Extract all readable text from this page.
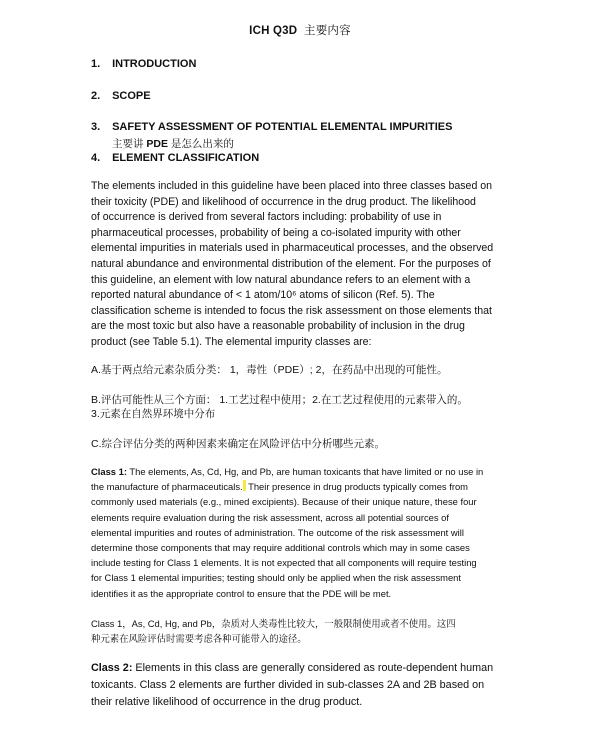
ICH Q3D 主要内容
1. INTRODUCTION
2. SCOPE
3. SAFETY ASSESSMENT OF POTENTIAL ELEMENTAL IMPURITIES
主要讲 PDE 是怎么出来的
4. ELEMENT CLASSIFICATION
The elements included in this guideline have been placed into three classes based on
their toxicity (PDE) and likelihood of occurrence in the drug product. The likelihood
of occurrence is derived from several factors including: probability of use in
pharmaceutical processes, probability of being a co-isolated impurity with other
elemental impurities in materials used in pharmaceutical processes, and the observed
natural abundance and environmental distribution of the element. For the purposes of
this guideline, an element with low natural abundance refers to an element with a
reported natural abundance of < 1 atom/10⁶ atoms of silicon (Ref. 5). The
classification scheme is intended to focus the risk assessment on those elements that
are the most toxic but also have a reasonable probability of inclusion in the drug
product (see Table 5.1). The elemental impurity classes are:
A.基于两点给元素杂质分类： 1，毒性（PDE）; 2，在药品中出现的可能性。
B.评估可能性从三个方面： 1.工艺过程中使用；2.在工艺过程使用的元素带入的。
3.元素在自然界环境中分布
C.综合评估分类的两种因素来确定在风险评估中分析哪些元素。
Class 1: The elements, As, Cd, Hg, and Pb, are human toxicants that have limited or no use in
the manufacture of pharmaceuticals. Their presence in drug products typically comes from
commonly used materials (e.g., mined excipients). Because of their unique nature, these four
elements require evaluation during the risk assessment, across all potential sources of
elemental impurities and routes of administration. The outcome of the risk assessment will
determine those components that may require additional controls which may in some cases
include testing for Class 1 elements. It is not expected that all components will require testing
for Class 1 elemental impurities; testing should only be applied when the risk assessment
identifies it as the appropriate control to ensure that the PDE will be met.
Class 1，As, Cd, Hg, and Pb，杂质对人类毒性比较大，一般限制使用或者不使用。这四
种元素在风险评估时需要考虑各种可能带入的途径。
Class 2: Elements in this class are generally considered as route-dependent human
toxicants. Class 2 elements are further divided in sub-classes 2A and 2B based on
their relative likelihood of occurrence in the drug product.
